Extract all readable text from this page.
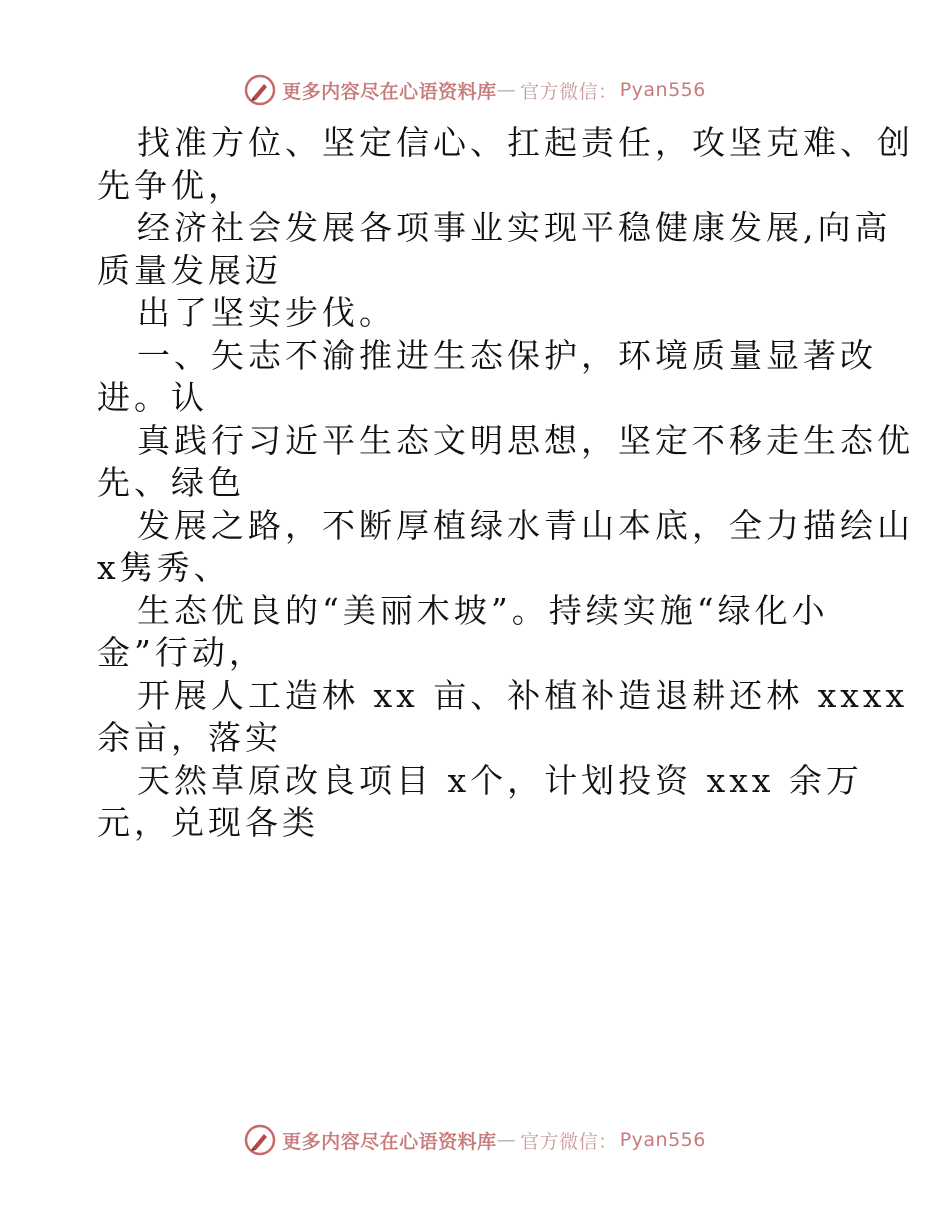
更多内容尽在心语资料库 — 官方微信： Pyan556
找准方位、坚定信心、扛起责任，攻坚克难、创
先争优，
经济社会发展各项事业实现平稳健康发展,向高
质量发展迈
出了坚实步伐。
一、矢志不渝推进生态保护，环境质量显著改
进。认
真践行习近平生态文明思想，坚定不移走生态优
先、绿色
发展之路，不断厚植绿水青山本底，全力描绘山
x隽秀、
生态优良的“美丽木坡”。持续实施“绿化小
金”行动，
开展人工造林 xx 亩、补植补造退耕还林 xxxx
余亩，落实
天然草原改良项目 x个，计划投资 xxx 余万
元，兑现各类
更多内容尽在心语资料库 — 官方微信： Pyan556
